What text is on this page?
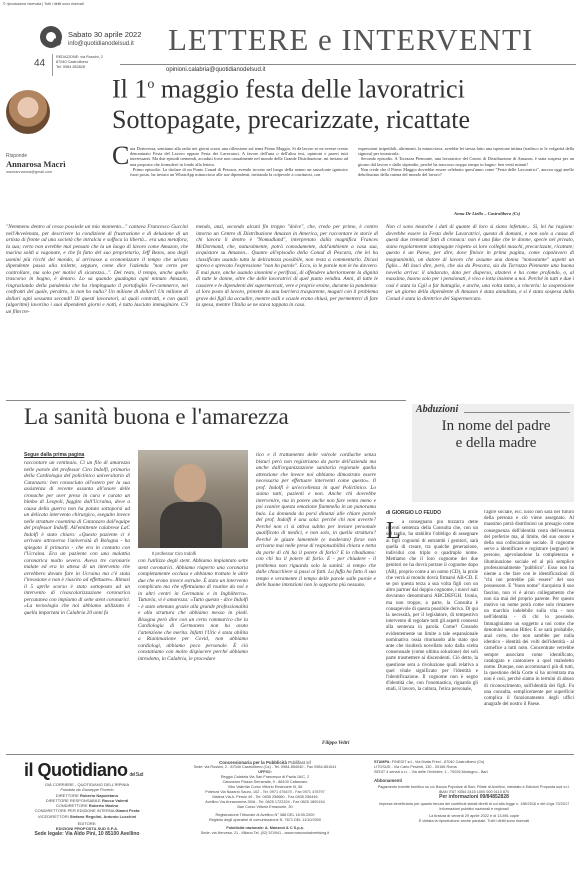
© riproduzione riservata | Tutti i diritti sono riservati
Sabato 30 aprile 2022
info@quotidianodelsud.it LETTERE e INTERVENTI
44
REDAZIONE: via Rossini, 2
87040 Castrolibero
Tel. 0984 852828	opinioni.calabria@quotidianodelsud.it
Risponde
Annarosa Macrì
macriannarosa@gmail.com
Il 1$^o$ maggio festa delle lavoratrici
Sottopagate, precarizzate, ricattate
C ara Dottoressa, sentiamo alla radio nei giorni scorsi una riflessione sul tema Primo Maggio. Si dà lavoro se ne avesse creato denominato Festa del Lavoro oppure Festa dei Lavoratori. A favore dell'una o dell'altra tesi, opinioni e pareri tutti interessanti. Ma due episodi tremendi, accaduti forse non casualmente nel mondo della Grande Distribuzione, mi inviano ad una proposta che formulerò in fondo alla lettera.
Primo episodio. La titolare di un Punto Conad di Pescara, avendo trovato nel luogo della nonno un sassolonte ignimico fuori posto, ha inviato un WhatsApp minaccioso alle sue dipendenti, invitando la colpevole a costituirsi, con
espressioni irripetibili, altrimenti, la minacciava, avrebbe lei stessa fatto una ispezione intima (tradisco io le volgarità della signora) per incastrarla.
Secondo episodio. A Torrazza Piemonte, una lavoratrice del Centro di Distribuzione di Amazon, è stata sospesa per un giorno dal lavoro e dallo stipendio, perché ha trascorso troppo tempo in bagno: ben venti minuti!
Non crede che il Primo Maggio dovrebbe essere celebrato quest'anno come "Festa delle Lavoratrici", ancora oggi anello debolissimo della catena del mondo del lavoro?
Anna De Liello – Castrolibero (Cs)
"Nemmeno dentro al cesso possiede un mio momento..." cantava Francesco Guccini nell'Avvelenata, per descrivere la condizione di frustrazione e di delusione di un artista di fronte ad una società che intralcia e soffoca la libertà... era una metafora, la sua; certo non avrebbe mai pensato che la un luogo di lavoro come Amazon, che macina soldi a vagonate, e che fa fatto del suo proprietario, Jeff Bezos, uno degli uomini più ricchi del mondo, si arrivasse a economizzare il tempo che un'una dipendente passa alla toilette, seppure, come dice l'azienda "non certo per controllare, ma solo per motivi di sicurezza...". Del resto, il tempo, anche quello trascorso in bagno, è denaro. Lo sa quando guadagna ogni minuto Amazon, ringraziando della pandemia che ha rimpinguato il portafoglio l'e-commerce, nei confronti del quale, peraltro, io non ho nulla? Un milione di dollari! Un milione di dollari ogni sessanta secondi! Di questi lavoratori, ai quali contratti, e con quali (algoritmi) lavorino i suoi dipendenti giorni e notti, è tutto lasciato immaginare. C'è un film tre-
mendo, anzi, secondo alcuni fin troppo "dolce", che, credo per primo, è contro intorno un Centro di Distribuzione Amazon in America, per raccontare le storie di chi lavora lì dentro è "Nomadland", interpretato dalla magnifica Frances McDormand, che, naturalmente, potrà comodamente, dall'ambiente a casa sua, acquistare su Amazon... Quanto all'episodio della Conad di Pescara, che lei ha classificato usando tutta la delicatezza possibile, non resta a commentarlo. Dicasi spreco e sprecato l'espressione "non ho parole". Ecco, io le parole non le ho davvero. E mai pure, anche usando sinonimi e perifrasi, di offendere ulteriormente la dignità di tutte le donne, oltre che delle lavoratrici di quel punto vendita. Anni, di tutte le cassiere e le dipendenti dei supermercati, vere e proprie eroine, durante la pandemia: al loro posto di lavoro, protette da una barriera trasparente, magari con il problema grave dei figli da accudire, mentre asili e scuole erano chiusi, per permetterci di fare la spesa, mentre l'Italia se ne stava tappata in casa.
Non ci sono neanche i dati di quante di loro si siano infettate... Sì, lei ha ragione: dovrebbe essere la Festa delle Lavoratrici, questa di domani, e non solo a causa di questi due tremendi fatti di cronaca: non è una fake che le donne, specie nel privato, siano regolarmente sottopagate rispetto ai loro colleghi maschi, precarizzate, ricattate; questo è un Paese, per dire, dove finisce in prima pagina, come capolavoro di magnanimità, un datore di lavoro che assume una donna "nonostante" aspetti un figlio... Mi lasci dire, però, che sia da Pescara, sia da Torrazza Piemonte una buona novella arriva: il sindacato, dato per disperso, alzatevi e ha come profondo, o, al massimo, buono solo per i pensionati, è vivo e lotta insieme a noi. Perché in tutti e due i casi è stata la Cgil a far battaglia, e anche, una volta tanto, a vincerla: la sospensione per un giorno della dipendente di Amazon è stata annullata, e si è stata sospesa dalla Conad è stata la direttrice del Supermercato.
La sanità buona e l'amarezza
Segue dalla prima pagina
raccontare un centinaio. Ci un filo di amarezza nelle parole del professor Ciro Indolfi, primario della Cardiologia del policlinico universitario di Catanzaro: ben conosciuto all'estero per la sua assistenza di recente assunta all'onore delle cronache per aver preso in cura e curato un bimbo di Leopoli, fuggito dall'Ucraina, dove a causa della guerra non ha potuto sottoporsi ad un delicato intervento chirurgico, eseguito invece nelle strutture cosentina di Catanzaro dall'equipe del professor Indolfi. All'emittente calabrese LaC Indolfi è stato chiaro: «Questo paziente ci è arrivato attraverso l'università di Bologna - ha spiegato il primario - che era in contatto con l'Ucraina. Era un paziente con una malattia coronarica molto severa. Aveva tre coronarie malate ed era in attesa di un intervento che avrebbero dovuto fare in Ucraina ma c'è stata l'invasione e non è riuscito ad effettuare». Rimasi il 5 aprile scorso è stato sottoposto ad un intervento di rivascolarizzazione coronarica percutanea con impianto di sette stent coronarici. «La tecnologia che noi abbiamo utilizzato è quella importata in Calabria 20 anni fa
Il professor Ciro Indolfi
con l'utilizzo degli stent. Abbiamo impiantato sette stent coronarici. Abbiamo riaperto una coronaria completamente occlusa e abbiamo trattato le altre due che erano invece ostruite. È stato un intervento complicato ma che effettuiamo di routine da noi e in altri centri in Germania e in Inghilterra». Tuttavia, vi è amarezza: «Tutto questo - dice Indolfi - è stato ottenuto grazie alla grande professionalità e alla struttura che abbiamo messo in piedi. Bisogna però dire con un certo rammarico che la Cardiologia di Germaneto non ha avuto l'attenzione che merita. Infatti l'Utic è stata abilita a Rianimazione per Covid, non abbiamo cardiologi, abbiamo poco personale. È ciò constatiamo con molto dispiacere perché abbiamo introdotto, in Calabria, le procedure
tico e il trattamento delle valvole cardiache senza bisturi però non registriamo da parte dell'azienda ma anche dall'organizzazione sanitaria regionale quella attenzione che invece noi abbiamo dimostrato essere necessaria per effettuare interventi come questo». Il prof. Indolfi è un'eccellenza in quel Policlinico. Lo siamo tutti, pazienti e non. Anche chi dovrebbe intervenire, ma in potere anche non fare vento meno e poi svanire questa emozione fiammella in un panorama buio. La domanda da porsi dinanzi alle chiare parole del prof. Indolfi è una sola: perché chi non avverte? Perché non ci si attiva subito per inviare personale qualificato di medici, e non solo, in quella struttura? Perché le giuste lamentele (e moderate) forse non arrivano mai nelle prese di responsabilità chiara e netta da parte di chi ha il potere di farlo? E lo ribadiamo: con chi ha il potere di farlo. E - per chiudere - il problema non riguarda solo la sanità: si tempo che dalle chiacchiere si passi ai fatti. La fuffa ha fatto il suo tempo e veramente il tempo delle parole sulle parole e delle buone intenzioni non lo sopporta più nessuno.
Filippo Veltri
Abduzioni
In nome del padre e della madre
di GIORGIO LO FEUDO
L a consegnarsi più bizzarra delle recenti sentenza della Consulta che, con un sol taglio, ha stabilito l'obbligo di assegnare ai figli cognomi di entrambi i genitori, sarà quella di creare, tra qualche generazione, individui con triplo o quadruplo nome. Mettiamo che il loro cognome dei due genitori ne ha dovrà portare il cognome dopo (AB), proprio come a un uomo (CD), la prole che verrà al mondo dovrà firmarsi AB-CD. E se poi questa terza a sua volta figli con un altro partner dal doppio cognome, i nuovi nati dovranno denominarsi ABCDEFGH. Ironia, ma non troppo, a parte, la Consulta è consapevole di questa possibile deriva. Di qui la necessità, per il legislatore, di tempestivo intervento di regolare tutti gli aspetti connessi alla sentenza in parola. Come? Creando evidentemente un limite a tale espansionale nominativa ossia ritornando allo stato quo ante che risulterà novellato solo dalla scelta consensuale (come ultima soluzione) dei soli parte trasmettere ai discendenti. Ciò detto, la questione sera a rivoluzione quali relativa a quel vitale significato per l'identità e l'identificazione. Il cognome non è segno d'identità che, con l'onomastica, riguarda gli studi, il lavoro, la cultura, l'etica personale,
l'agire sociale, ecc. Esso non sarà nel futuro della persona e ciò viene assegnato. Al massimo potrà distribuirsi un presagio come conseguenza dell'identità cesta dell'essenza del preferire ma, al limite, del suo onore e della sua collocazione sociale. Il cognome serve a identificare e registrare (segnare) le persone, agevolandone la completezza e illuminazione sociale ed al più semplice professionalmente "pubblico". Esso non ha niente a che fare con le identificazioni di "chi noi potrebbe più essere" del suo possessore. E "buon nome" riacquista il suo fascino, non vi è alcun collegamento che non sia mai del proprio parente. Per questo motivo un nome potrà come solo rimanere un marchio indelebile sulla vita - non nell'identità - di chi lo possiede. Immaginiamo un soggetto a noi come che denomini nessun Hitler. E se sarà probabile, anzi certo, che non sarebbe per nulla identico - identità dei volti dell'identità - al carnefice a tutti noto. Concentrate verrebbe sempre associato come identificato, catalogato e cantoniere a quel maledetto nome. Dunque, non accomunarci più di tutti, la questione della Corte si ha un'entrata ma non è così, perché siamo in termini di abuso di riconoscimento, sull'identità dei figli. Fu una consulta, semplicemente per superficie complica il funzionamento degli uffici anagrafe del nostro il Paese.
il Quotidiano del Sud
GIÀ CORRIERE - QUOTIDIANO DELL'IRPINIA
Fondato da Giuseppe Poverio
DIRETTORE Roberto Napoletano
DIRETTORE RESPONSABILE Rocco Valenti
CONDIRETTORE Roberto Marino
CONDIRETTORE PER EDIZIONE INTERNA Gianni Festa
VICEDIRETTORI Stefano Regolini, Antonio Lucchini
EDITORE:
EDIZIONI PROPOSTA SUD S.P.A.
Sede legale: Via Aldo Pini, 10 85100 Avellino
Concessionaria per la Pubblicità Publifast srl
Sede: via Rossini, 2 - 87040 Castrolibero (Cs) - Tel. 0984-854040 - Fax 0984-851041
UFFICI:
Reggio Calabria Via San Francesco di Paola 16/C, 2
Catanzaro Piazza Serravalle, 9 - 88100 Catanzaro
Vibo Valentia Corso Vittorio Emanuele III, 56
Potenza Via Nazario Sauro, 102 - Tel. 0971 476470 - Fax 0971 476797
Matera Via A. Persio 40 - Tel. 0835 256660 - Fax 0835 256446
Avellino Via Annarumma 39/A - Tel. 0825 1722324 - Fax 0825 1800154
Bari Corso Vittorio Emanuele, 30
Registrazione Tribunale di Avellino N° 388 DEL 18.05.2000
Registro degli operatori di comunicazione N. 7671 DEL 11/10/2000
Pubblicità nazionale: A. Manzoni & C S.p.a.
Sede: via Nervesa, 21 - Milano Tel. (02) 574941 - www.manzoniadvertising.it
STAMPA: FINEDIT srl - Via Motta Primi - 87040 Castrolibero (Cs)
LITOSUD - Via Carlo Pesenti, 130 - 00156 Roma
SEDIT 4 servizi s.r.l. - Via delle Orchidee, 1 - 70026 Modugno - Bari
Abbonamenti
Pagamento tramite bonifico su c/c Banca Popolare di Bari, Filiale di Avellino, intestato a Edizioni Proposta sud s.r.l. IBAN IT67 X054 2415 1000 000 0110 870
Per informazioni 09/84852828
Impresa beneficiaria per quanto tenuta dei contributi statali diretti di cui alla legge n. 198/2016 e del d.lgs 70/2017 Informazioni pubblici nazionali e regionali
La tiratura di venerdì 29 aprile 2022 è di 13.891 copie
È vietata la riproduzione anche parziale. Tutti i diritti sono riservati
